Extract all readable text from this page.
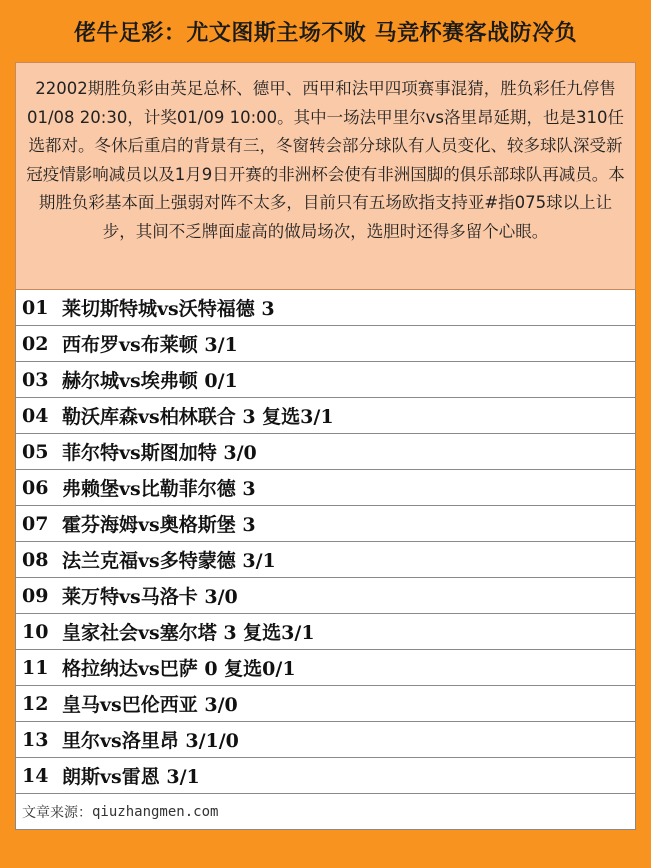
佬牛足彩：尤文图斯主场不败 马竞杯赛客战防冷负
22002期胜负彩由英足总杯、德甲、西甲和法甲四项赛事混猜，胜负彩任九停售01/08 20:30，计奖01/09 10:00。其中一场法甲里尔vs洛里昂延期，也是310任选都对。冬休后重启的背景有三，冬窗转会部分球队有人员变化、较多球队深受新冠疫情影响减员以及1月9日开赛的非洲杯会使有非洲国脚的俱乐部球队再减员。本期胜负彩基本面上强弱对阵不太多，目前只有五场欧指支持亚#指075球以上让步，其间不乏牌面虚高的做局场次，选胆时还得多留个心眼。
01 莱切斯特城vs沃特福德 3
02 西布罗vs布莱顿 3/1
03 赫尔城vs埃弗顿 0/1
04 勒沃库森vs柏林联合 3 复选3/1
05 菲尔特vs斯图加特 3/0
06 弗赖堡vs比勒菲尔德 3
07 霍芬海姆vs奥格斯堡 3
08 法兰克福vs多特蒙德 3/1
09 莱万特vs马洛卡 3/0
10 皇家社会vs塞尔塔 3 复选3/1
11 格拉纳达vs巴萨 0 复选0/1
12 皇马vs巴伦西亚 3/0
13 里尔vs洛里昂 3/1/0
14 朗斯vs雷恩 3/1
文章来源： qiuzhangmen.com
